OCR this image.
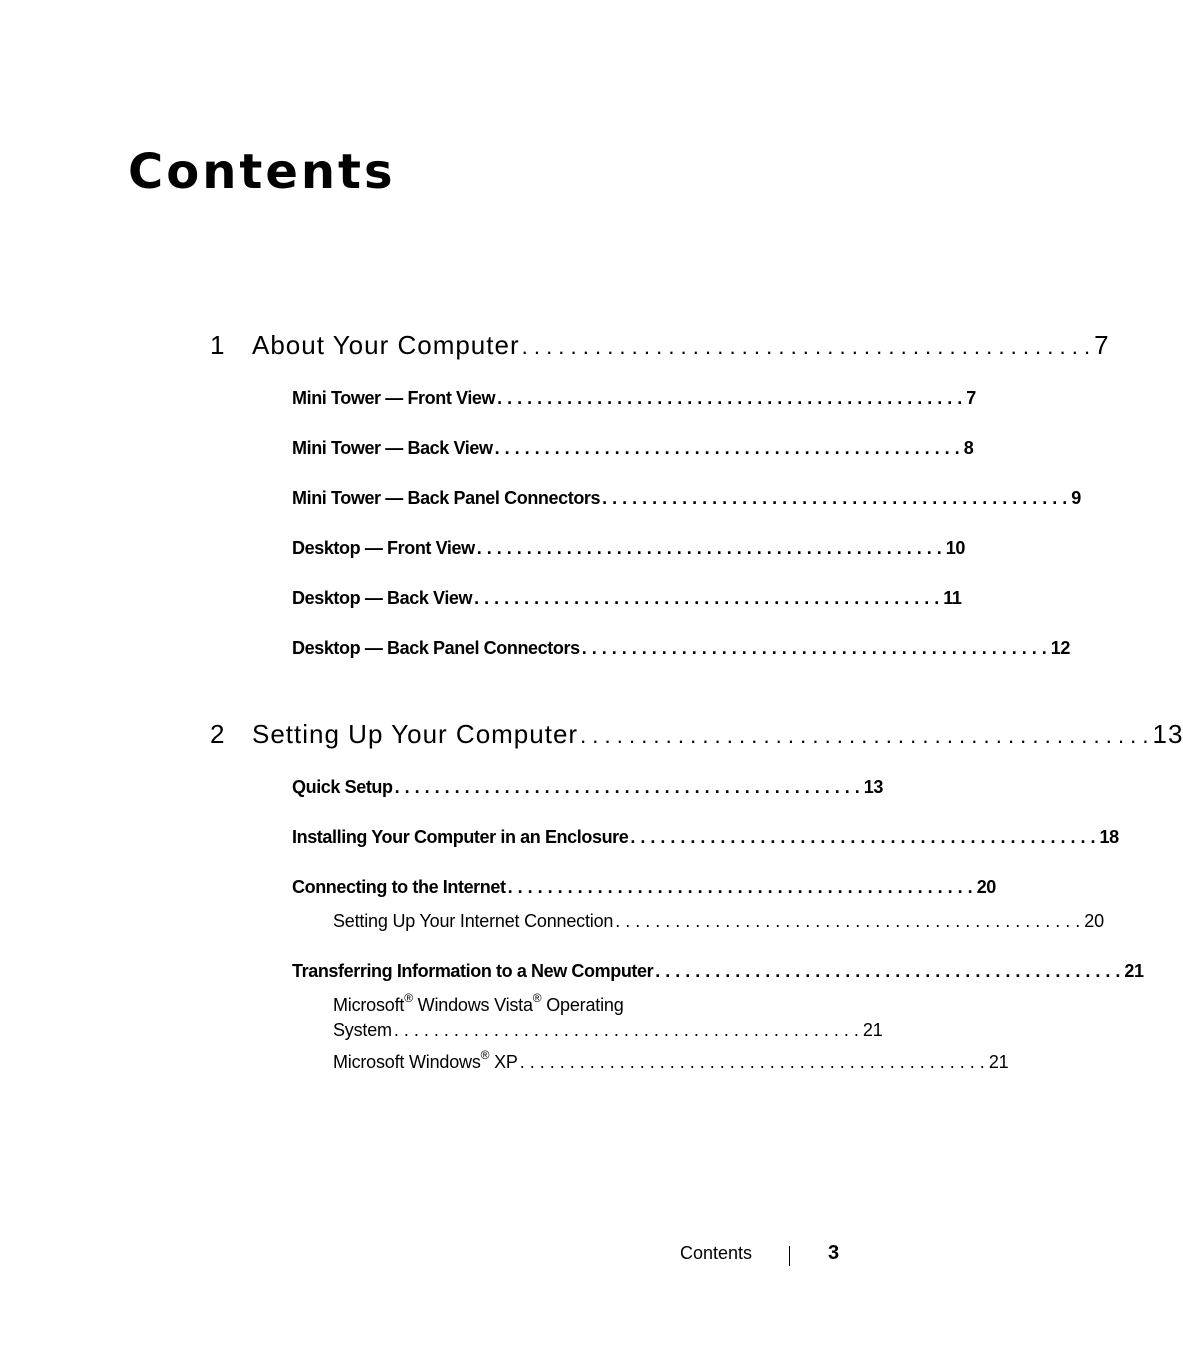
Contents
1 About Your Computer . . .	7
Mini Tower — Front View . . .	7
Mini Tower — Back View . . .	8
Mini Tower — Back Panel Connectors . . .	9
Desktop — Front View . . .	10
Desktop — Back View . . .	11
Desktop — Back Panel Connectors . . .	12
2 Setting Up Your Computer . . .	13
Quick Setup . . .	13
Installing Your Computer in an Enclosure . . .	18
Connecting to the Internet . . .	20
Setting Up Your Internet Connection . . .	20
Transferring Information to a New Computer . . .	21
Microsoft® Windows Vista® Operating
System . . .	21
Microsoft Windows® XP . . .	21
Contents	3
